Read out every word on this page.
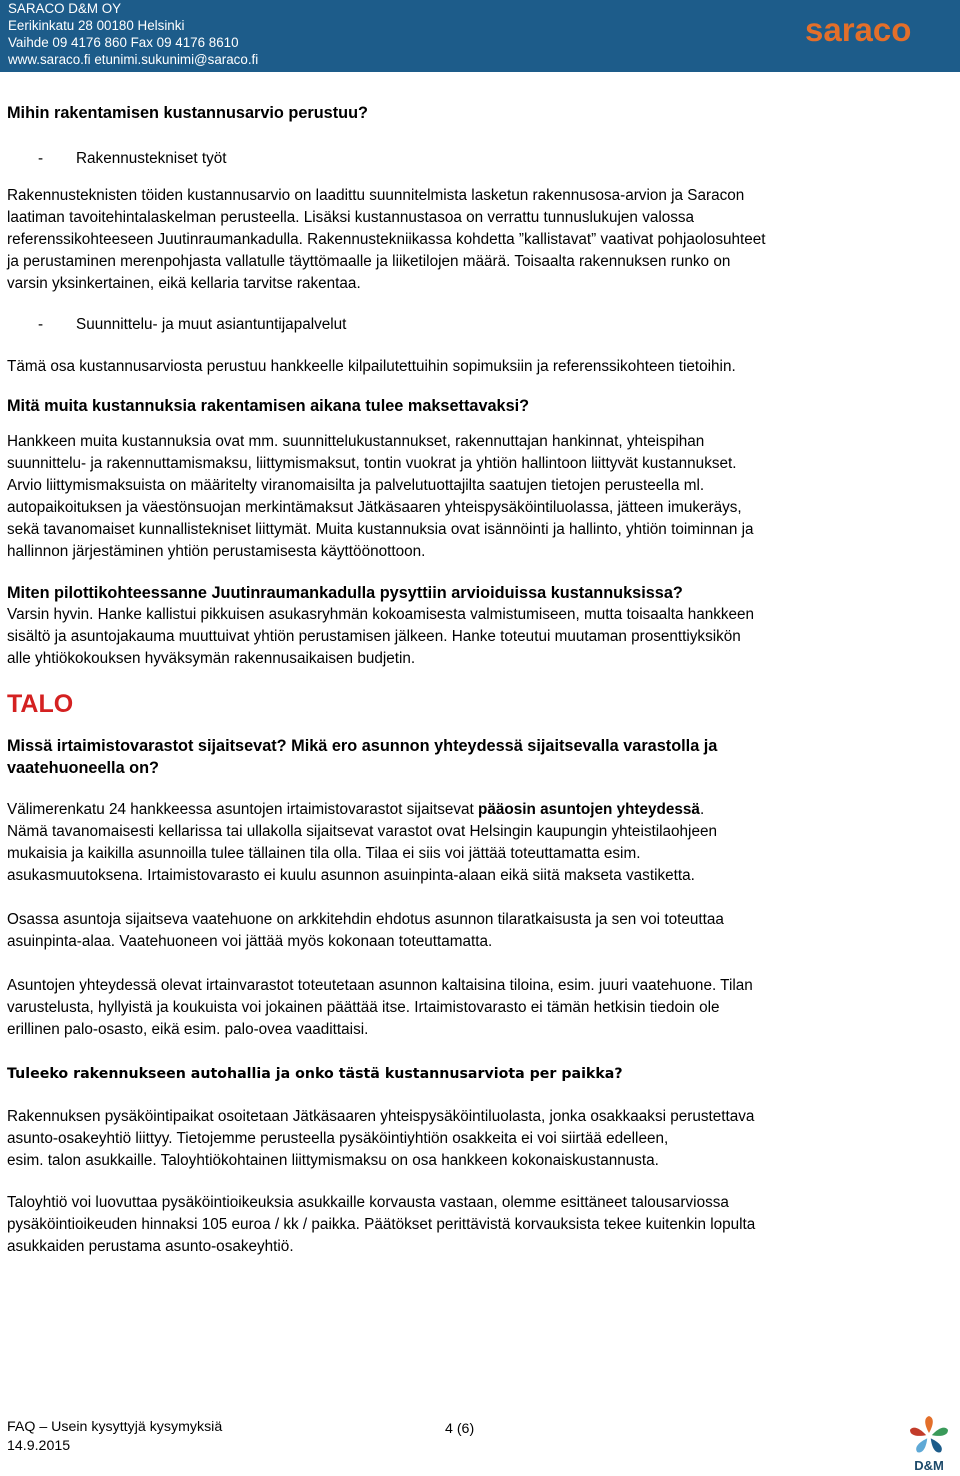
SARACO D&M OY
Eerikinkatu 28 00180 Helsinki
Vaihde 09 4176 860 Fax 09 4176 8610
www.saraco.fi etunimi.sukunimi@saraco.fi
saraco

Mihin rakentamisen kustannusarvio perustuu?

- Rakennustekniset työt

Rakennusteknisten töiden kustannusarvio on laadittu suunnitelmista lasketun rakennusosa-arvion ja Saracon

laatiman tavoitehintalaskelman perusteella. Lisäksi kustannustasoa on verrattu tunnuslukujen valossa

referenssikohteeseen Juutinraumankadulla. Rakennustekniikassa kohdetta ”kallistavat” vaativat pohjaolosuhteet

ja perustaminen merenpohjasta vallatulle täyttömaalle ja liiketilojen määrä. Toisaalta rakennuksen runko on

varsin yksinkertainen, eikä kellaria tarvitse rakentaa.

- Suunnittelu- ja muut asiantuntijapalvelut

Tämä osa kustannusarviosta perustuu hankkeelle kilpailutettuihin sopimuksiin ja referenssikohteen tietoihin.

Mitä muita kustannuksia rakentamisen aikana tulee maksettavaksi?

Hankkeen muita kustannuksia ovat mm. suunnittelukustannukset, rakennuttajan hankinnat, yhteispihan

suunnittelu- ja rakennuttamismaksu, liittymismaksut, tontin vuokrat ja yhtiön hallintoon liittyvät kustannukset.

Arvio liittymismaksuista on määritelty viranomaisilta ja palvelutuottajilta saatujen tietojen perusteella ml.

autopaikoituksen ja väestönsuojan merkintämaksut Jätkäsaaren yhteispysäköintiluolassa, jätteen imukeräys,

sekä tavanomaiset kunnallistekniset liittymät. Muita kustannuksia ovat isännöinti ja hallinto, yhtiön toiminnan ja

hallinnon järjestäminen yhtiön perustamisesta käyttöönottoon.

Miten pilottikohteessanne Juutinraumankadulla pysyttiin arvioiduissa kustannuksissa?

Varsin hyvin. Hanke kallistui pikkuisen asukasryhmän kokoamisesta valmistumiseen, mutta toisaalta hankkeen

sisältö ja asuntojakauma muuttuivat yhtiön perustamisen jälkeen. Hanke toteutui muutaman prosenttiyksikön

alle yhtiökokouksen hyväksymän rakennusaikaisen budjetin.

TALO

Missä irtaimistovarastot sijaitsevat? Mikä ero asunnon yhteydessä sijaitsevalla varastolla ja

vaatehuoneella on?

Välimerenkatu 24 hankkeessa asuntojen irtaimistovarastot sijaitsevat pääosin asuntojen yhteydessä.

Nämä tavanomaisesti kellarissa tai ullakolla sijaitsevat varastot ovat Helsingin kaupungin yhteistilaohjeen

mukaisia ja kaikilla asunnoilla tulee tällainen tila olla. Tilaa ei siis voi jättää toteuttamatta esim.

asukasmuutoksena. Irtaimistovarasto ei kuulu asunnon asuinpinta-alaan eikä siitä makseta vastiketta.

Osassa asuntoja sijaitseva vaatehuone on arkkitehdin ehdotus asunnon tilaratkaisusta ja sen voi toteuttaa

asuinpinta-alaa. Vaatehuoneen voi jättää myös kokonaan toteuttamatta.

Asuntojen yhteydessä olevat irtainvarastot toteutetaan asunnon kaltaisina tiloina, esim. juuri vaatehuone. Tilan

varustelusta, hyllyistä ja koukuista voi jokainen päättää itse. Irtaimistovarasto ei tämän hetkisin tiedoin ole

erillinen palo-osasto, eikä esim. palo-ovea vaadittaisi.

Tuleeko rakennukseen autohallia ja onko tästä kustannusarviota per paikka?

Rakennuksen pysäköintipaikat osoitetaan Jätkäsaaren yhteispysäköintiluolasta, jonka osakkaaksi perustettava

asunto-osakeyhtiö liittyy. Tietojemme perusteella pysäköintiyhtiön osakkeita ei voi siirtää edelleen,

esim. talon asukkaille. Taloyhtiökohtainen liittymismaksu on osa hankkeen kokonaiskustannusta.

Taloyhtiö voi luovuttaa pysäköintioikeuksia asukkaille korvausta vastaan, olemme esittäneet talousarviossa

pysäköintioikeuden hinnaksi 105 euroa / kk / paikka. Päätökset perittävistä korvauksista tekee kuitenkin lopulta

asukkaiden perustama asunto-osakeyhtiö.

FAQ – Usein kysyttyjä kysymyksiä
14.9.2015
4 (6)
D&M
